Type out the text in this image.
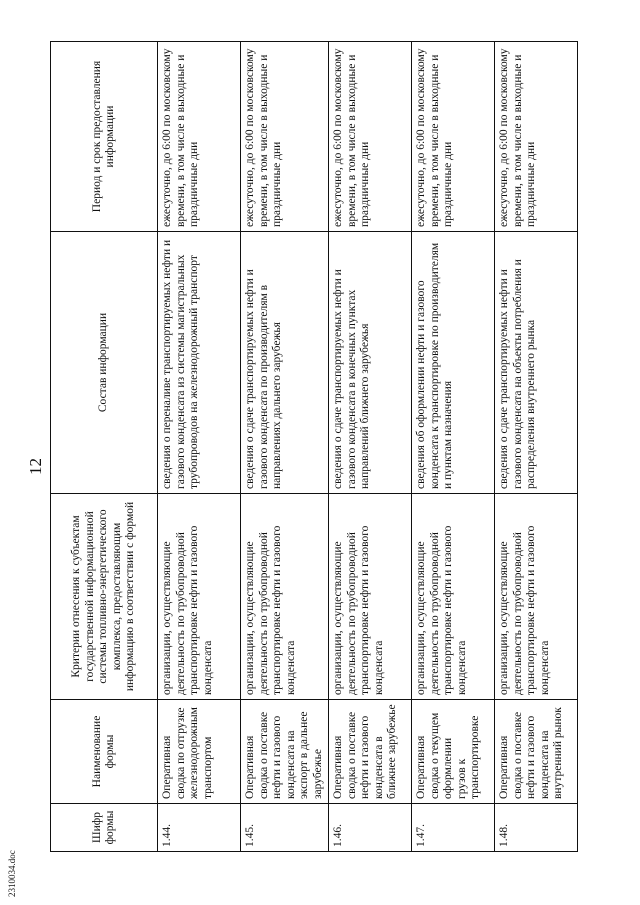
2310034.doc
12
Шифр формы	Наименование формы	Критерии отнесения к субъектам государственной информационной системы топливно-энергетического комплекса, предоставляющим информацию в соответствии с формой	Состав информации	Период и срок предоставления информации
1.44.	Оперативная сводка по отгрузке железнодорожным транспортом	организации, осуществляющие деятельность по трубопроводной транспортировке нефти и газового конденсата	сведения о переналиве транспортируемых нефти и газового конденсата из системы магистральных трубопроводов на железнодорожный транспорт	ежесуточно, до 6:00 по московскому времени, в том числе в выходные и праздничные дни
1.45.	Оперативная сводка о поставке нефти и газового конденсата на экспорт в дальнее зарубежье	организации, осуществляющие деятельность по трубопроводной транспортировке нефти и газового конденсата	сведения о сдаче транспортируемых нефти и газового конденсата по производителям в направлениях дальнего зарубежья	ежесуточно, до 6:00 по московскому времени, в том числе в выходные и праздничные дни
1.46.	Оперативная сводка о поставке нефти и газового конденсата в ближнее зарубежье	организации, осуществляющие деятельность по трубопроводной транспортировке нефти и газового конденсата	сведения о сдаче транспортируемых нефти и газового конденсата в конечных пунктах направлений ближнего зарубежья	ежесуточно, до 6:00 по московскому времени, в том числе в выходные и праздничные дни
1.47.	Оперативная сводка о текущем оформлении грузов к транспортировке	организации, осуществляющие деятельность по трубопроводной транспортировке нефти и газового конденсата	сведения об оформлении нефти и газового конденсата к транспортировке по производителям и пунктам назначения	ежесуточно, до 6:00 по московскому времени, в том числе в выходные и праздничные дни
1.48.	Оперативная сводка о поставке нефти и газового конденсата на внутренний рынок	организации, осуществляющие деятельность по трубопроводной транспортировке нефти и газового конденсата	сведения о сдаче транспортируемых нефти и газового конденсата на объекты потребления и распределения внутреннего рынка	ежесуточно, до 6:00 по московскому времени, в том числе в выходные и праздничные дни
